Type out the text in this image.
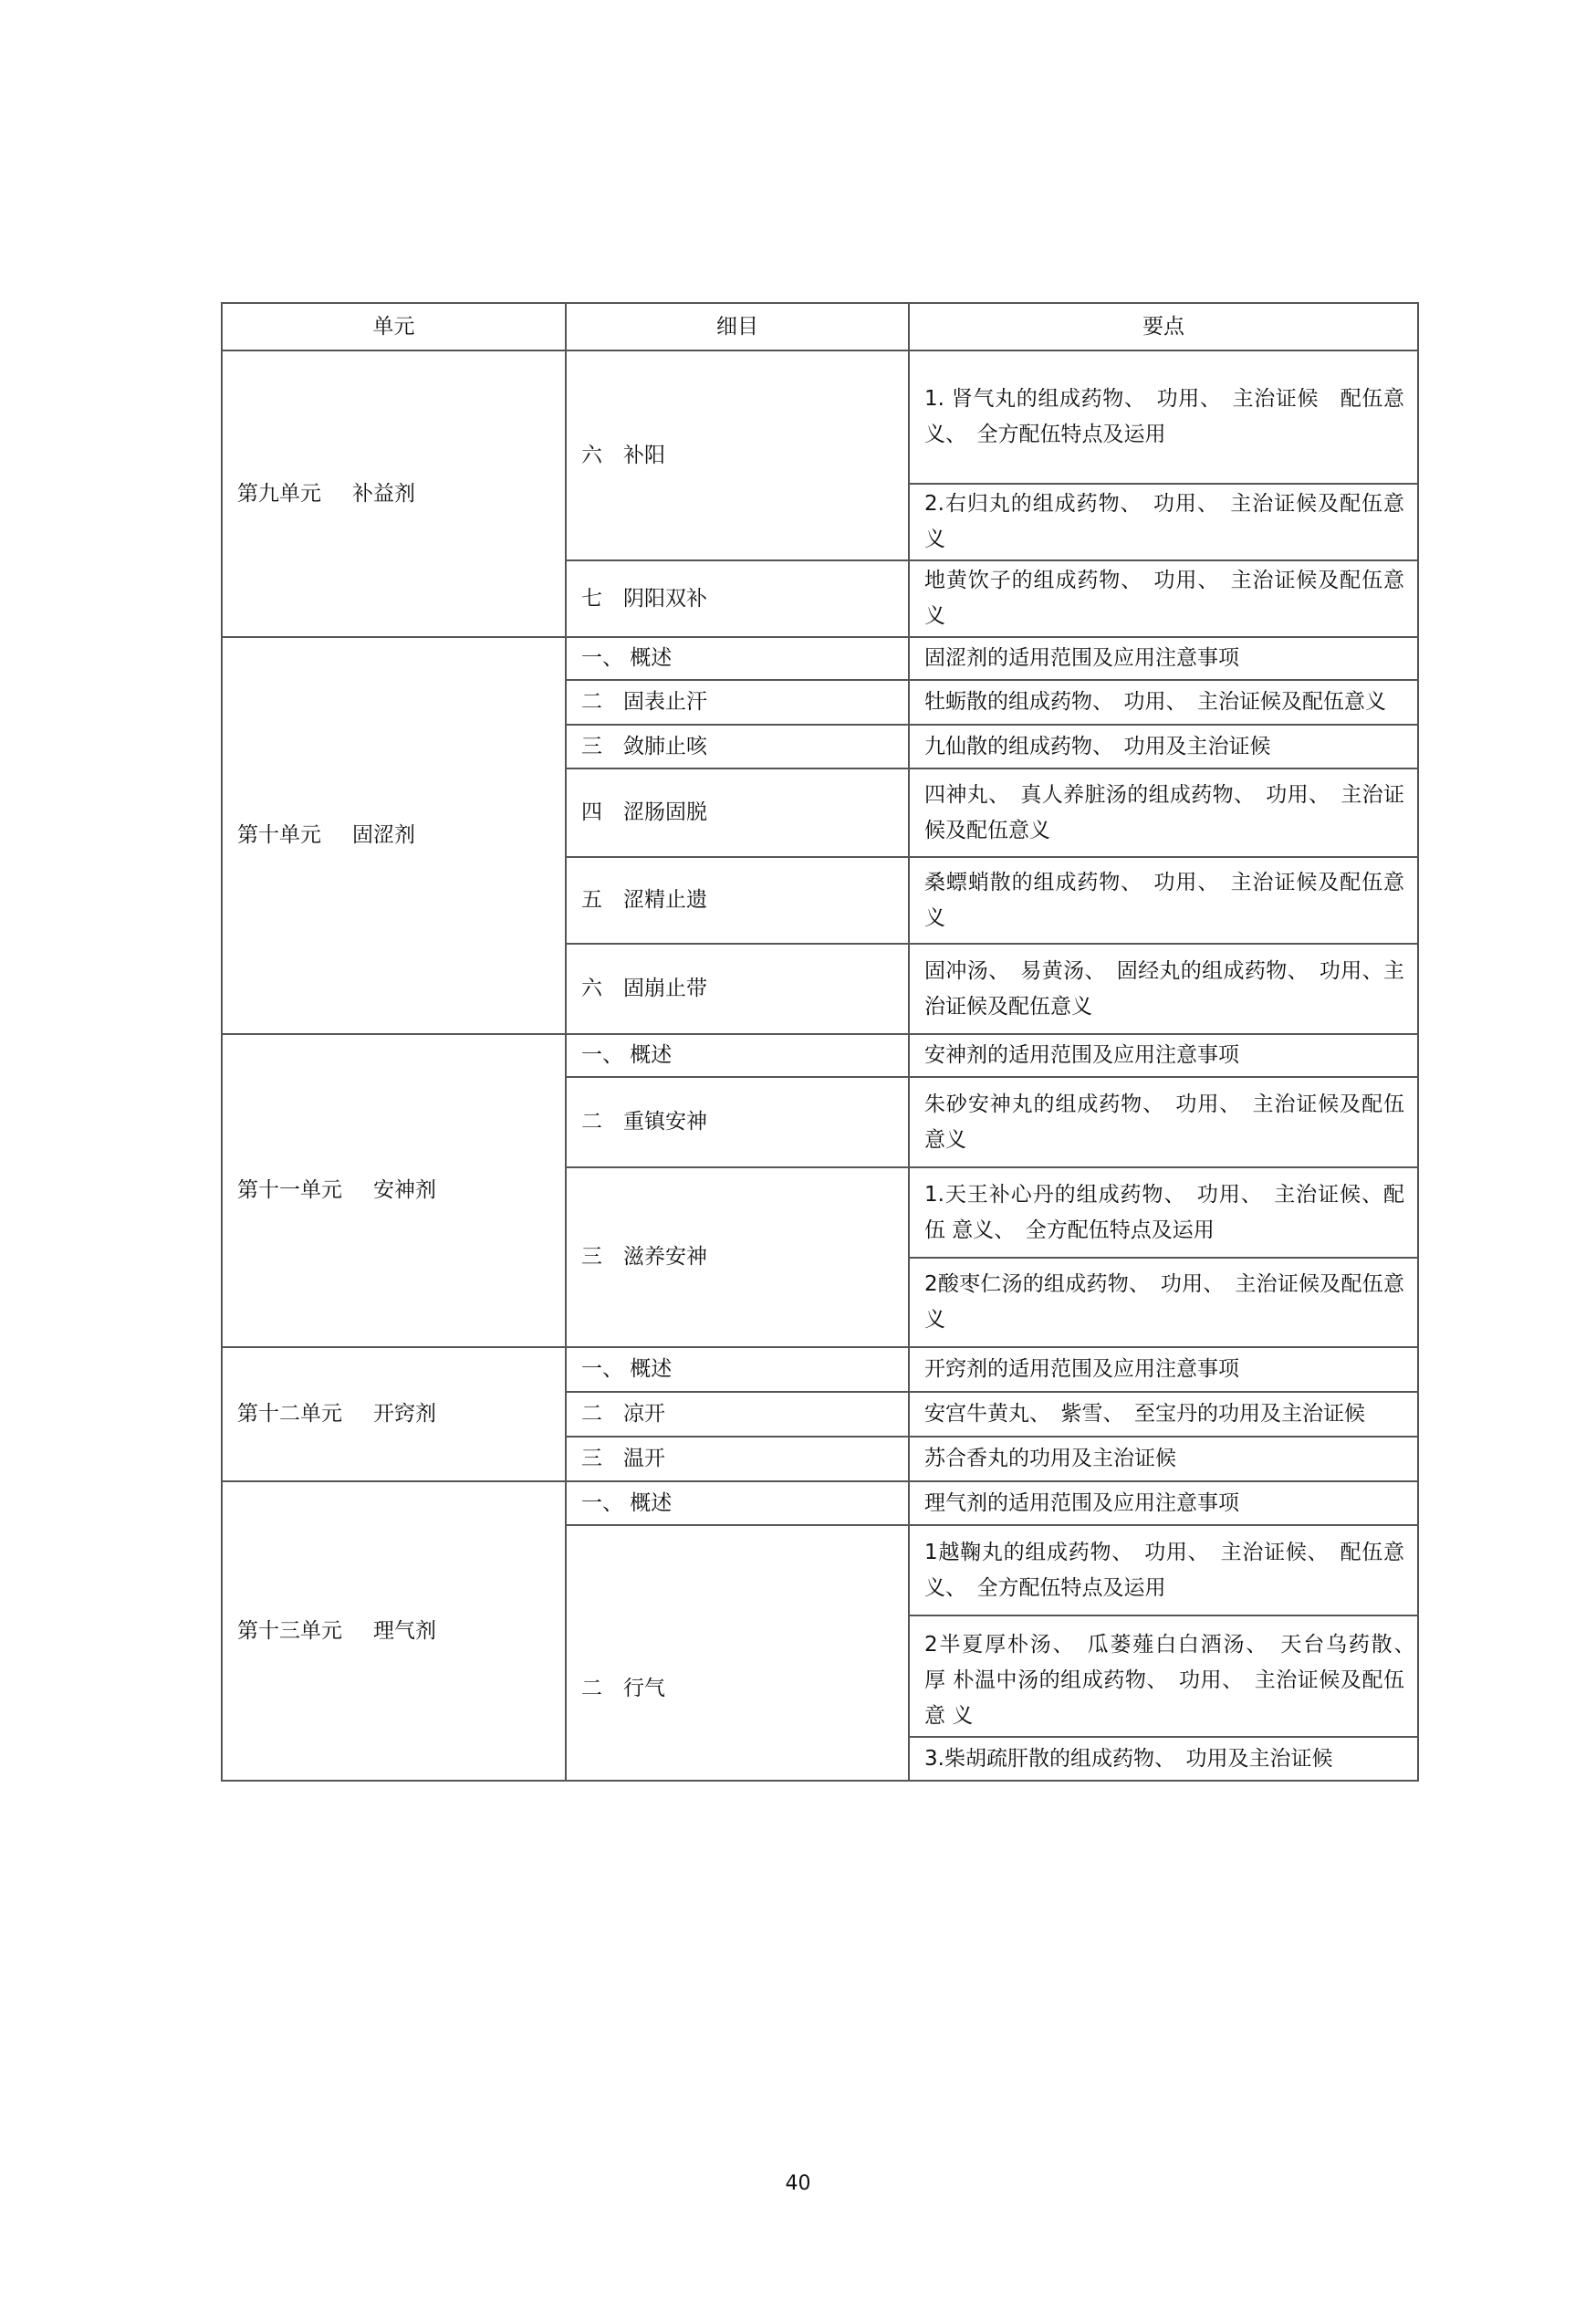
单元	细目	要点
第九单元 补益剂	六　补阳	1. 肾气丸的组成药物、　功用、　主治证候　配伍意义、　全方配伍特点及运用
		2.右归丸的组成药物、　功用、　主治证候及配伍意义
	七　阴阳双补	地黄饮子的组成药物、　功用、　主治证候及配伍意义
第十单元 固涩剂	一、 概述	固涩剂的适用范围及应用注意事项
	二　固表止汗	牡蛎散的组成药物、　功用、　主治证候及配伍意义
	三　敛肺止咳	九仙散的组成药物、　功用及主治证候
	四　涩肠固脱	四神丸、　真人养脏汤的组成药物、　功用、　主治证候及配伍意义
	五　涩精止遗	桑螵蛸散的组成药物、　功用、　主治证候及配伍意义
	六　固崩止带	固冲汤、　易黄汤、　固经丸的组成药物、　功用、主治证候及配伍意义
第十一单元 安神剂	一、 概述	安神剂的适用范围及应用注意事项
	二　重镇安神	朱砂安神丸的组成药物、　功用、　主治证候及配伍意义
	三　滋养安神	1.天王补心丹的组成药物、　功用、　主治证候、配伍 意义、　全方配伍特点及运用
		2酸枣仁汤的组成药物、　功用、　主治证候及配伍意义
第十二单元 开窍剂	一、 概述	开窍剂的适用范围及应用注意事项
	二　凉开	安宫牛黄丸、　紫雪、　至宝丹的功用及主治证候
	三　温开	苏合香丸的功用及主治证候
第十三单元 理气剂	一、 概述	理气剂的适用范围及应用注意事项
	二　行气	1越鞠丸的组成药物、　功用、　主治证候、　配伍意义、　全方配伍特点及运用
		2半夏厚朴汤、　瓜蒌薤白白酒汤、　天台乌药散、　厚 朴温中汤的组成药物、　功用、　主治证候及配伍意 义
		3.柴胡疏肝散的组成药物、　功用及主治证候
40
